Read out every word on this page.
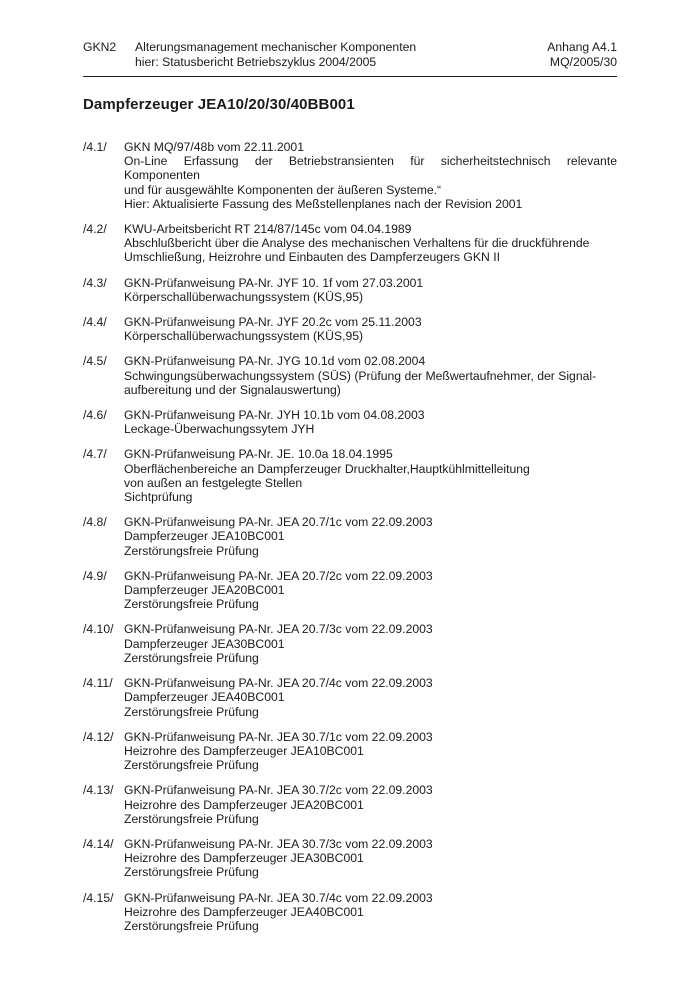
GKN2	Alterungsmanagement mechanischer Komponenten
hier: Statusbericht Betriebszyklus 2004/2005
Anhang A4.1
MQ/2005/30
Dampferzeuger JEA10/20/30/40BB001
/4.1/	GKN MQ/97/48b vom 22.11.2001
On-Line Erfassung der Betriebstransienten für sicherheitstechnisch relevante Komponenten
und für ausgewählte Komponenten der äußeren Systeme.“
Hier: Aktualisierte Fassung des Meßstellenplanes nach der Revision 2001
/4.2/	KWU-Arbeitsbericht RT 214/87/145c vom 04.04.1989
Abschlußbericht über die Analyse des mechanischen Verhaltens für die druckführende
Umschließung, Heizrohre und Einbauten des Dampferzeugers GKN II
/4.3/	GKN-Prüfanweisung PA-Nr. JYF 10. 1f vom 27.03.2001
Körperschallüberwachungssystem (KÜS,95)
/4.4/	GKN-Prüfanweisung PA-Nr. JYF 20.2c vom 25.11.2003
Körperschallüberwachungssystem (KÜS,95)
/4.5/	GKN-Prüfanweisung PA-Nr. JYG 10.1d vom 02.08.2004
Schwingungsüberwachungssystem (SÜS) (Prüfung der Meßwertaufnehmer, der Signal-
aufbereitung und der Signalauswertung)
/4.6/	GKN-Prüfanweisung PA-Nr. JYH 10.1b vom 04.08.2003
Leckage-Überwachungssytem JYH
/4.7/	GKN-Prüfanweisung PA-Nr. JE. 10.0a 18.04.1995
Oberflächenbereiche an Dampferzeuger Druckhalter,Hauptkühlmittelleitung
von außen an festgelegte Stellen
Sichtprüfung
/4.8/	GKN-Prüfanweisung PA-Nr. JEA 20.7/1c vom 22.09.2003
Dampferzeuger JEA10BC001
Zerstörungsfreie Prüfung
/4.9/	GKN-Prüfanweisung PA-Nr. JEA 20.7/2c vom 22.09.2003
Dampferzeuger JEA20BC001
Zerstörungsfreie Prüfung
/4.10/ GKN-Prüfanweisung PA-Nr. JEA 20.7/3c vom 22.09.2003
Dampferzeuger JEA30BC001
Zerstörungsfreie Prüfung
/4.11/ GKN-Prüfanweisung PA-Nr. JEA 20.7/4c vom 22.09.2003
Dampferzeuger JEA40BC001
Zerstörungsfreie Prüfung
/4.12/ GKN-Prüfanweisung PA-Nr. JEA 30.7/1c vom 22.09.2003
Heizrohre des Dampferzeuger JEA10BC001
Zerstörungsfreie Prüfung
/4.13/ GKN-Prüfanweisung PA-Nr. JEA 30.7/2c vom 22.09.2003
Heizrohre des Dampferzeuger JEA20BC001
Zerstörungsfreie Prüfung
/4.14/ GKN-Prüfanweisung PA-Nr. JEA 30.7/3c vom 22.09.2003
Heizrohre des Dampferzeuger JEA30BC001
Zerstörungsfreie Prüfung
/4.15/ GKN-Prüfanweisung PA-Nr. JEA 30.7/4c vom 22.09.2003
Heizrohre des Dampferzeuger JEA40BC001
Zerstörungsfreie Prüfung
